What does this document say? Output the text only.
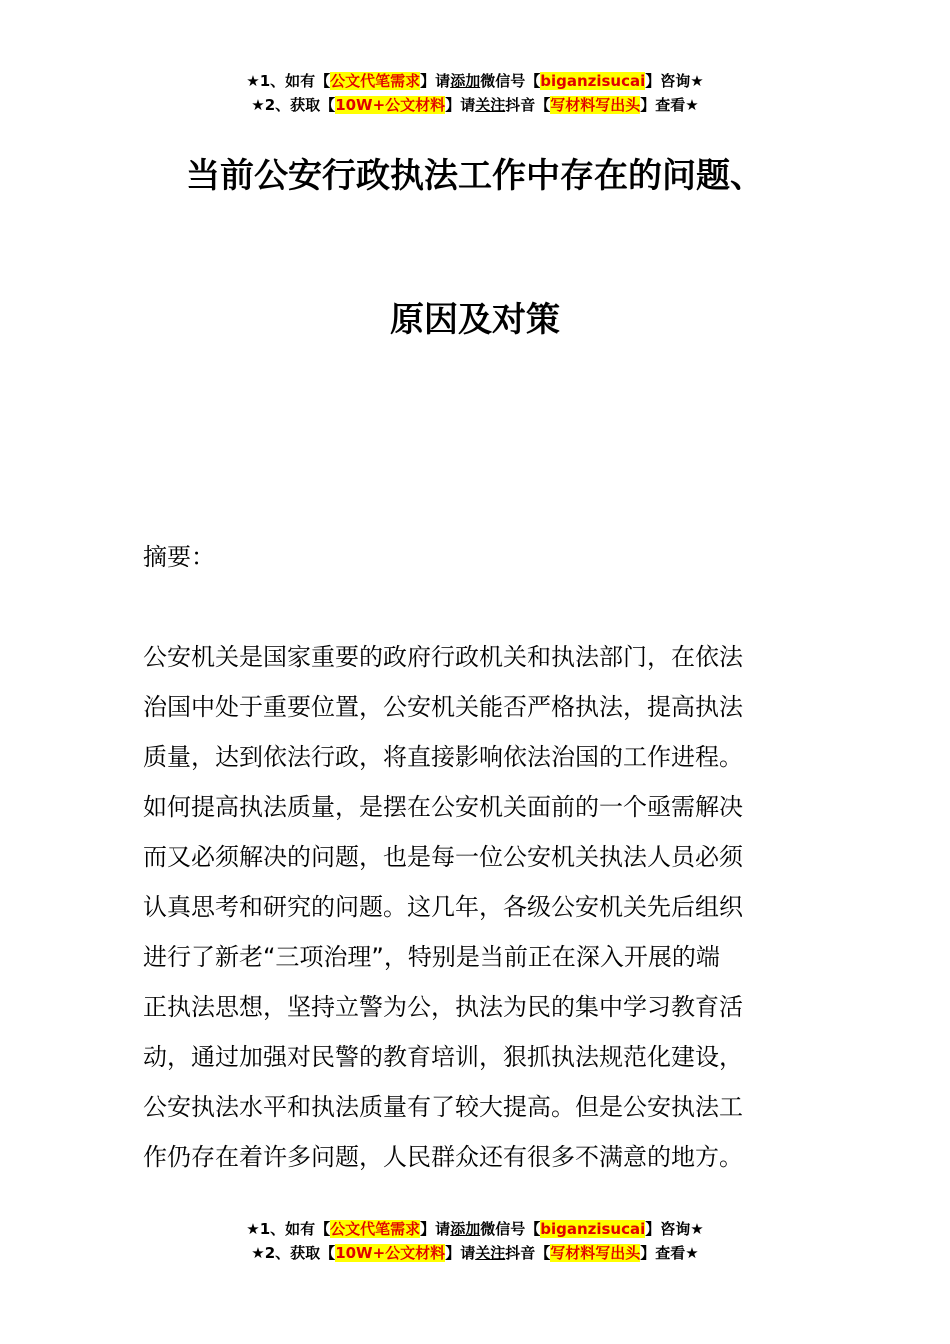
★1、如有【公文代笔需求】请添加微信号【biganzisucai】咨询★
★2、获取【10W+公文材料】请关注抖音【写材料写出头】查看★
当前公安行政执法工作中存在的问题、
原因及对策
摘要：
公安机关是国家重要的政府行政机关和执法部门，在依法
治国中处于重要位置，公安机关能否严格执法，提高执法
质量，达到依法行政，将直接影响依法治国的工作进程。
如何提高执法质量，是摆在公安机关面前的一个亟需解决
而又必须解决的问题，也是每一位公安机关执法人员必须
认真思考和研究的问题。这几年，各级公安机关先后组织
进行了新老“三项治理”，特别是当前正在深入开展的端
正执法思想，坚持立警为公，执法为民的集中学习教育活
动，通过加强对民警的教育培训，狠抓执法规范化建设，
公安执法水平和执法质量有了较大提高。但是公安执法工
作仍存在着许多问题，人民群众还有很多不满意的地方。
★1、如有【公文代笔需求】请添加微信号【biganzisucai】咨询★
★2、获取【10W+公文材料】请关注抖音【写材料写出头】查看★
